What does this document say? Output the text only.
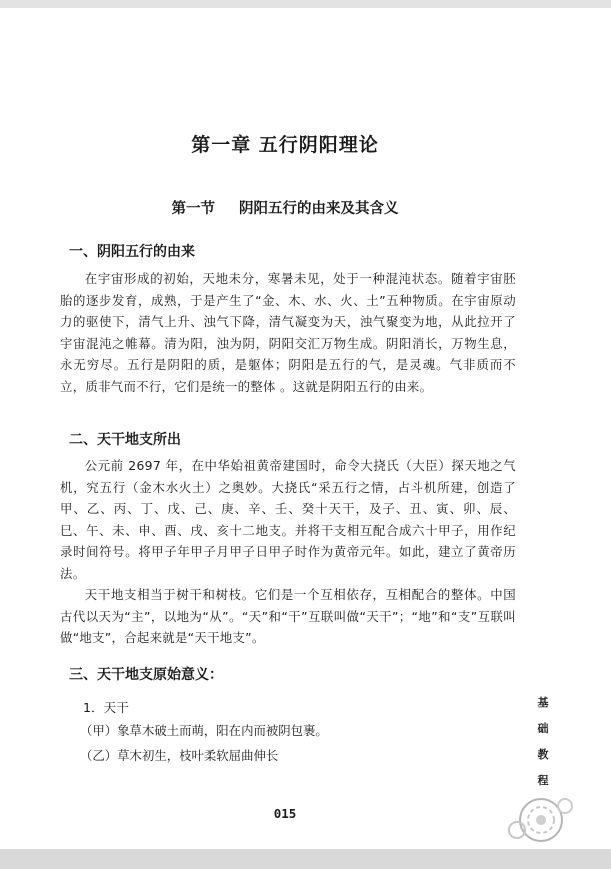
第一章 五行阴阳理论
第一节 阴阳五行的由来及其含义
一、阴阳五行的由来

在宇宙形成的初始，天地未分，寒暑未见，处于一种混沌状态。随着宇宙胚胎的逐步发育，成熟，于是产生了“金、木、水、火、土”五种物质。在宇宙原动力的驱使下，清气上升、浊气下降，清气凝变为天，浊气聚变为地，从此拉开了宇宙混沌之帷幕。清为阳，浊为阴，阴阳交汇万物生成。阴阳消长，万物生息，永无穷尽。五行是阴阳的质，是躯体；阴阳是五行的气，是灵魂。气非质而不立，质非气而不行，它们是统一的整体 。这就是阴阳五行的由来。

二、天干地支所出

公元前 2697 年，在中华始祖黄帝建国时，命令大挠氏（大臣）探天地之气机，究五行（金木水火土）之奥妙。大挠氏“采五行之情，占斗机所建，创造了甲、乙、丙、丁、戊、己、庚、辛、壬、癸十天干，及子、丑、寅、卯、辰、巳、午、未、申、酉、戌、亥十二地支。并将干支相互配合成六十甲子，用作纪录时间符号。将甲子年甲子月甲子日甲子时作为黄帝元年。如此，建立了黄帝历法。

天干地支相当于树干和树枝。它们是一个互相依存，互相配合的整体。中国古代以天为“主”，以地为“从”。“天”和“干”互联叫做“天干”；“地”和“支”互联叫做“地支”，合起来就是“天干地支”。

三、天干地支原始意义：
1．天干
（甲）象草木破土而萌，阳在内而被阴包裹。
（乙）草木初生，枝叶柔软屈曲伸长
基
础
教
程
015
